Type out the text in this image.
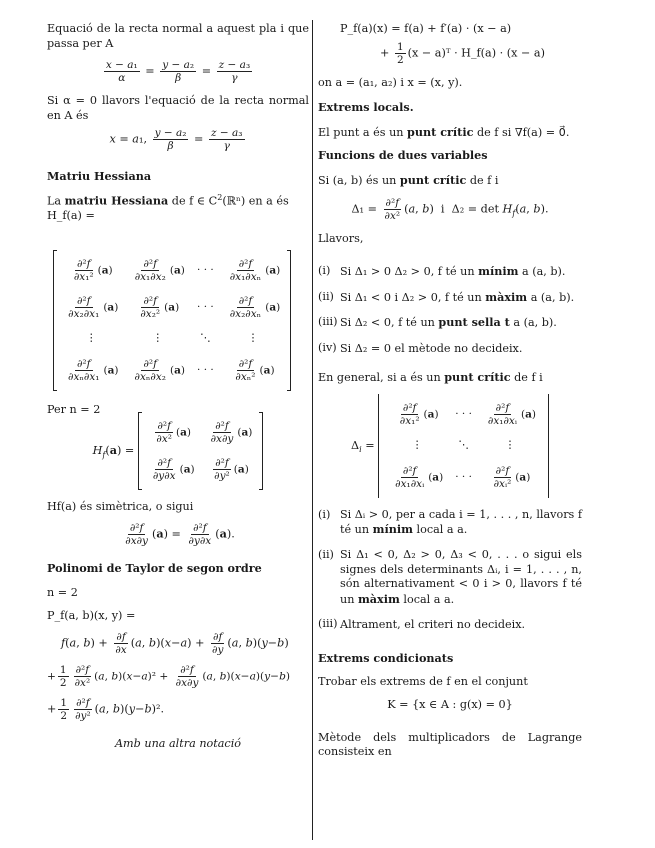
Equació de la recta normal a aquest pla i que passa per A

$\frac{\text{x − a₁}}{\alpha} = \frac{\text{y − a₂}}{\beta} = \frac{\text{z − a₃}}{\gamma}$

Si α = 0 llavors l'equació de la recta normal en A és

x = a₁, $\frac{\text{y − a₂}}{\beta} = \frac{\text{z − a₃}}{\gamma}$

Matriu Hessiana

La matriu Hessiana de f ∈ $C^2(ℝ^n)$ en a és
H_f(a) =

$\frac{\text{∂²f}}{\text{∂x₁²}} (a)$	$\frac{\text{∂²f}}{\text{∂x₁∂x₂}} (a)$	· · ·	$\frac{\text{∂²f}}{\text{∂x₁∂xₙ}} (a)$

$\frac{\text{∂²f}}{\text{∂x₂∂x₁}} (a)$	$\frac{\text{∂²f}}{\text{∂x₂²}} (a)$	· · ·	$\frac{\text{∂²f}}{\text{∂x₂∂xₙ}} (a)$
⋮	⋮	⋱	⋮

$\frac{\text{∂²f}}{\text{∂xₙ∂x₁}} (a)$	$\frac{\text{∂²f}}{\text{∂xₙ∂x₂}} (a)$	· · ·	$\frac{\text{∂²f}}{\text{∂xₙ²}} (a)$

Per n = 2

$H_f(a)$ =
$\frac{\text{∂²f}}{\text{∂x²}} (a)$	$\frac{\text{∂²f}}{\partial x\partial y} (a)$

$\frac{\text{∂²f}}{\partial y\partial x} (a)$	$\frac{\text{∂²f}}{\text{∂y²}} (a)$

Hf(a) és simètrica, o sigui

$\frac{\text{∂²f}}{\partial x\partial y} (a) = \frac{\text{∂²f}}{\partial y\partial x} (a)$.

Polinomi de Taylor de segon ordre

n = 2

P_f(a, b)(x, y) =

f(a, $b) + \frac{\partial f}{\partial x} (a$, $b)(x-a) + \frac{\partial f}{\partial y} (a$, b)(y−b)
+ $\frac{1}{2} \frac{\text{∂²f}}{\text{∂x²}} (a$, $b)(x-a)^2 + \frac{\text{∂²f}}{\partial x\partial y} (a$, b)(x−a)(y−b)
+ $\frac{1}{2} \frac{\text{∂²f}}{\text{∂y²}} (a$, b)(y−b)².

Amb una altra notació

P_f(a)(x) = f(a) + f′(a) · (x − a)
+ $\frac{1}{2} (x$ − a)ᵀ · H_f(a) · (x − a)

on a = (a₁, a₂) i x = (x, y).

Extrems locals.

El punt a és un punt crític de f si ∇f(a) = 0⃗.

Funcions de dues variables

Si (a, b) és un punt crític de f i

$\Delta_1 = \frac{\text{∂²f}}{\text{∂x²}} (a$, b)  i  $\Delta_2 = \det H_f(a$, b).

Llavors,

(i) Si Δ₁ > 0 Δ₂ > 0, f té un mínim a (a, b).
(ii) Si Δ₁ < 0 i Δ₂ > 0, f té un màxim a (a, b).
(iii) Si Δ₂ < 0, f té un punt sella t a (a, b).
(iv) Si Δ₂ = 0 el mètode no decideix.

En general, si a és un punt crític de f i

$\Delta_i$ =
$\frac{\text{∂²f}}{\text{∂x₁²}} (a)$	· · ·	$\frac{\text{∂²f}}{\text{∂x₁∂xᵢ}} (a)$
⋮	⋱	⋮

$\frac{\text{∂²f}}{\text{∂x₁∂xᵢ}} (a)$	· · ·	$\frac{\text{∂²f}}{\text{∂xᵢ²}} (a)$
(i) Si Δᵢ > 0, per a cada i = 1, . . . , n, llavors f té un mínim local a a.
(ii) Si Δ₁ < 0, Δ₂ > 0, Δ₃ < 0, . . . o sigui els signes dels determinants Δᵢ, i = 1, . . . , n, són alternativament < 0 i > 0, llavors f té un màxim local a a.
(iii) Altrament, el criteri no decideix.

Extrems condicionats

Trobar els extrems de f en el conjunt

K = {x ∈ A : g(x) = 0}

Mètode dels multiplicadors de Lagrange consisteix en
